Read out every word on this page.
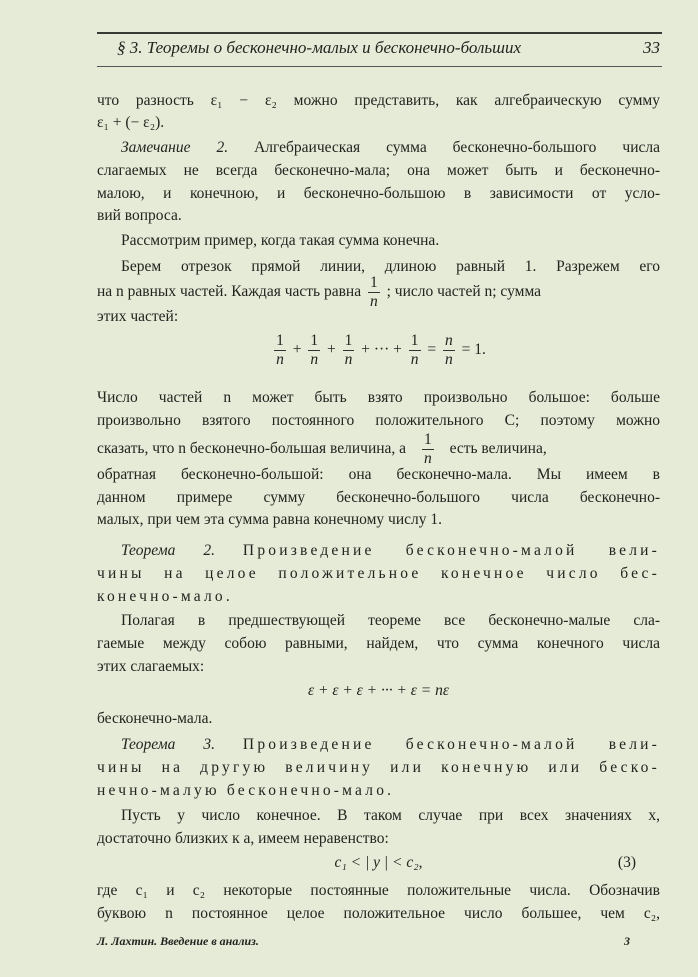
§ 3. Теоремы о бесконечно-малых и бесконечно-больших	33
что разность ε₁ − ε₂ можно представить, как алгебраическую сумму
ε₁ + (− ε₂).
Замечание 2. Алгебраическая сумма бесконечно-большого числа
слагаемых не всегда бесконечно-мала; она может быть и бесконечно-
малою, и конечною, и бесконечно-большою в зависимости от усло-
вий вопроса.
Рассмотрим пример, когда такая сумма конечна.
Берем отрезок прямой линии, длиною равный 1. Разрежем его
на n равных частей. Каждая часть равна $\frac{1}{n}$ ; число частей n; сумма
этих частей:
$\frac{1}{n} + \frac{1}{n} + \frac{1}{n}$ + ··· + $\frac{1}{n} = \frac{n}{n} = 1$.
Число частей n может быть взято произвольно большое: больше
произвольно взятого постоянного положительного C; поэтому можно
сказать, что n бесконечно-большая величина, а $\frac{1}{n}$ есть величина,
обратная бесконечно-большой: она бесконечно-мала. Мы имеем в
данном примере сумму бесконечно-большого числа бесконечно-
малых, при чем эта сумма равна конечному числу 1.
Теорема 2. Произведение бесконечно-малой вели-
чины на целое положительное конечное число бес-
конечно-мало.
Полагая в предшествующей теореме все бесконечно-малые сла-
гаемые между собою равными, найдем, что сумма конечного числа
этих слагаемых:
ε + ε + ε + ··· + ε = nε
бесконечно-мала.
Теорема 3. Произведение бесконечно-малой вели-
чины на другую величину или конечную или беско-
нечно-малую бесконечно-мало.
Пусть y число конечное. В таком случае при всех значениях x,
достаточно близких к a, имеем неравенство:
c₁ < | y | < c₂,	(3)
где c₁ и c₂ некоторые постоянные положительные числа. Обозначив
буквою n постоянное целое положительное число большее, чем c₂,
Л. Лахтин. Введение в анализ.	3
